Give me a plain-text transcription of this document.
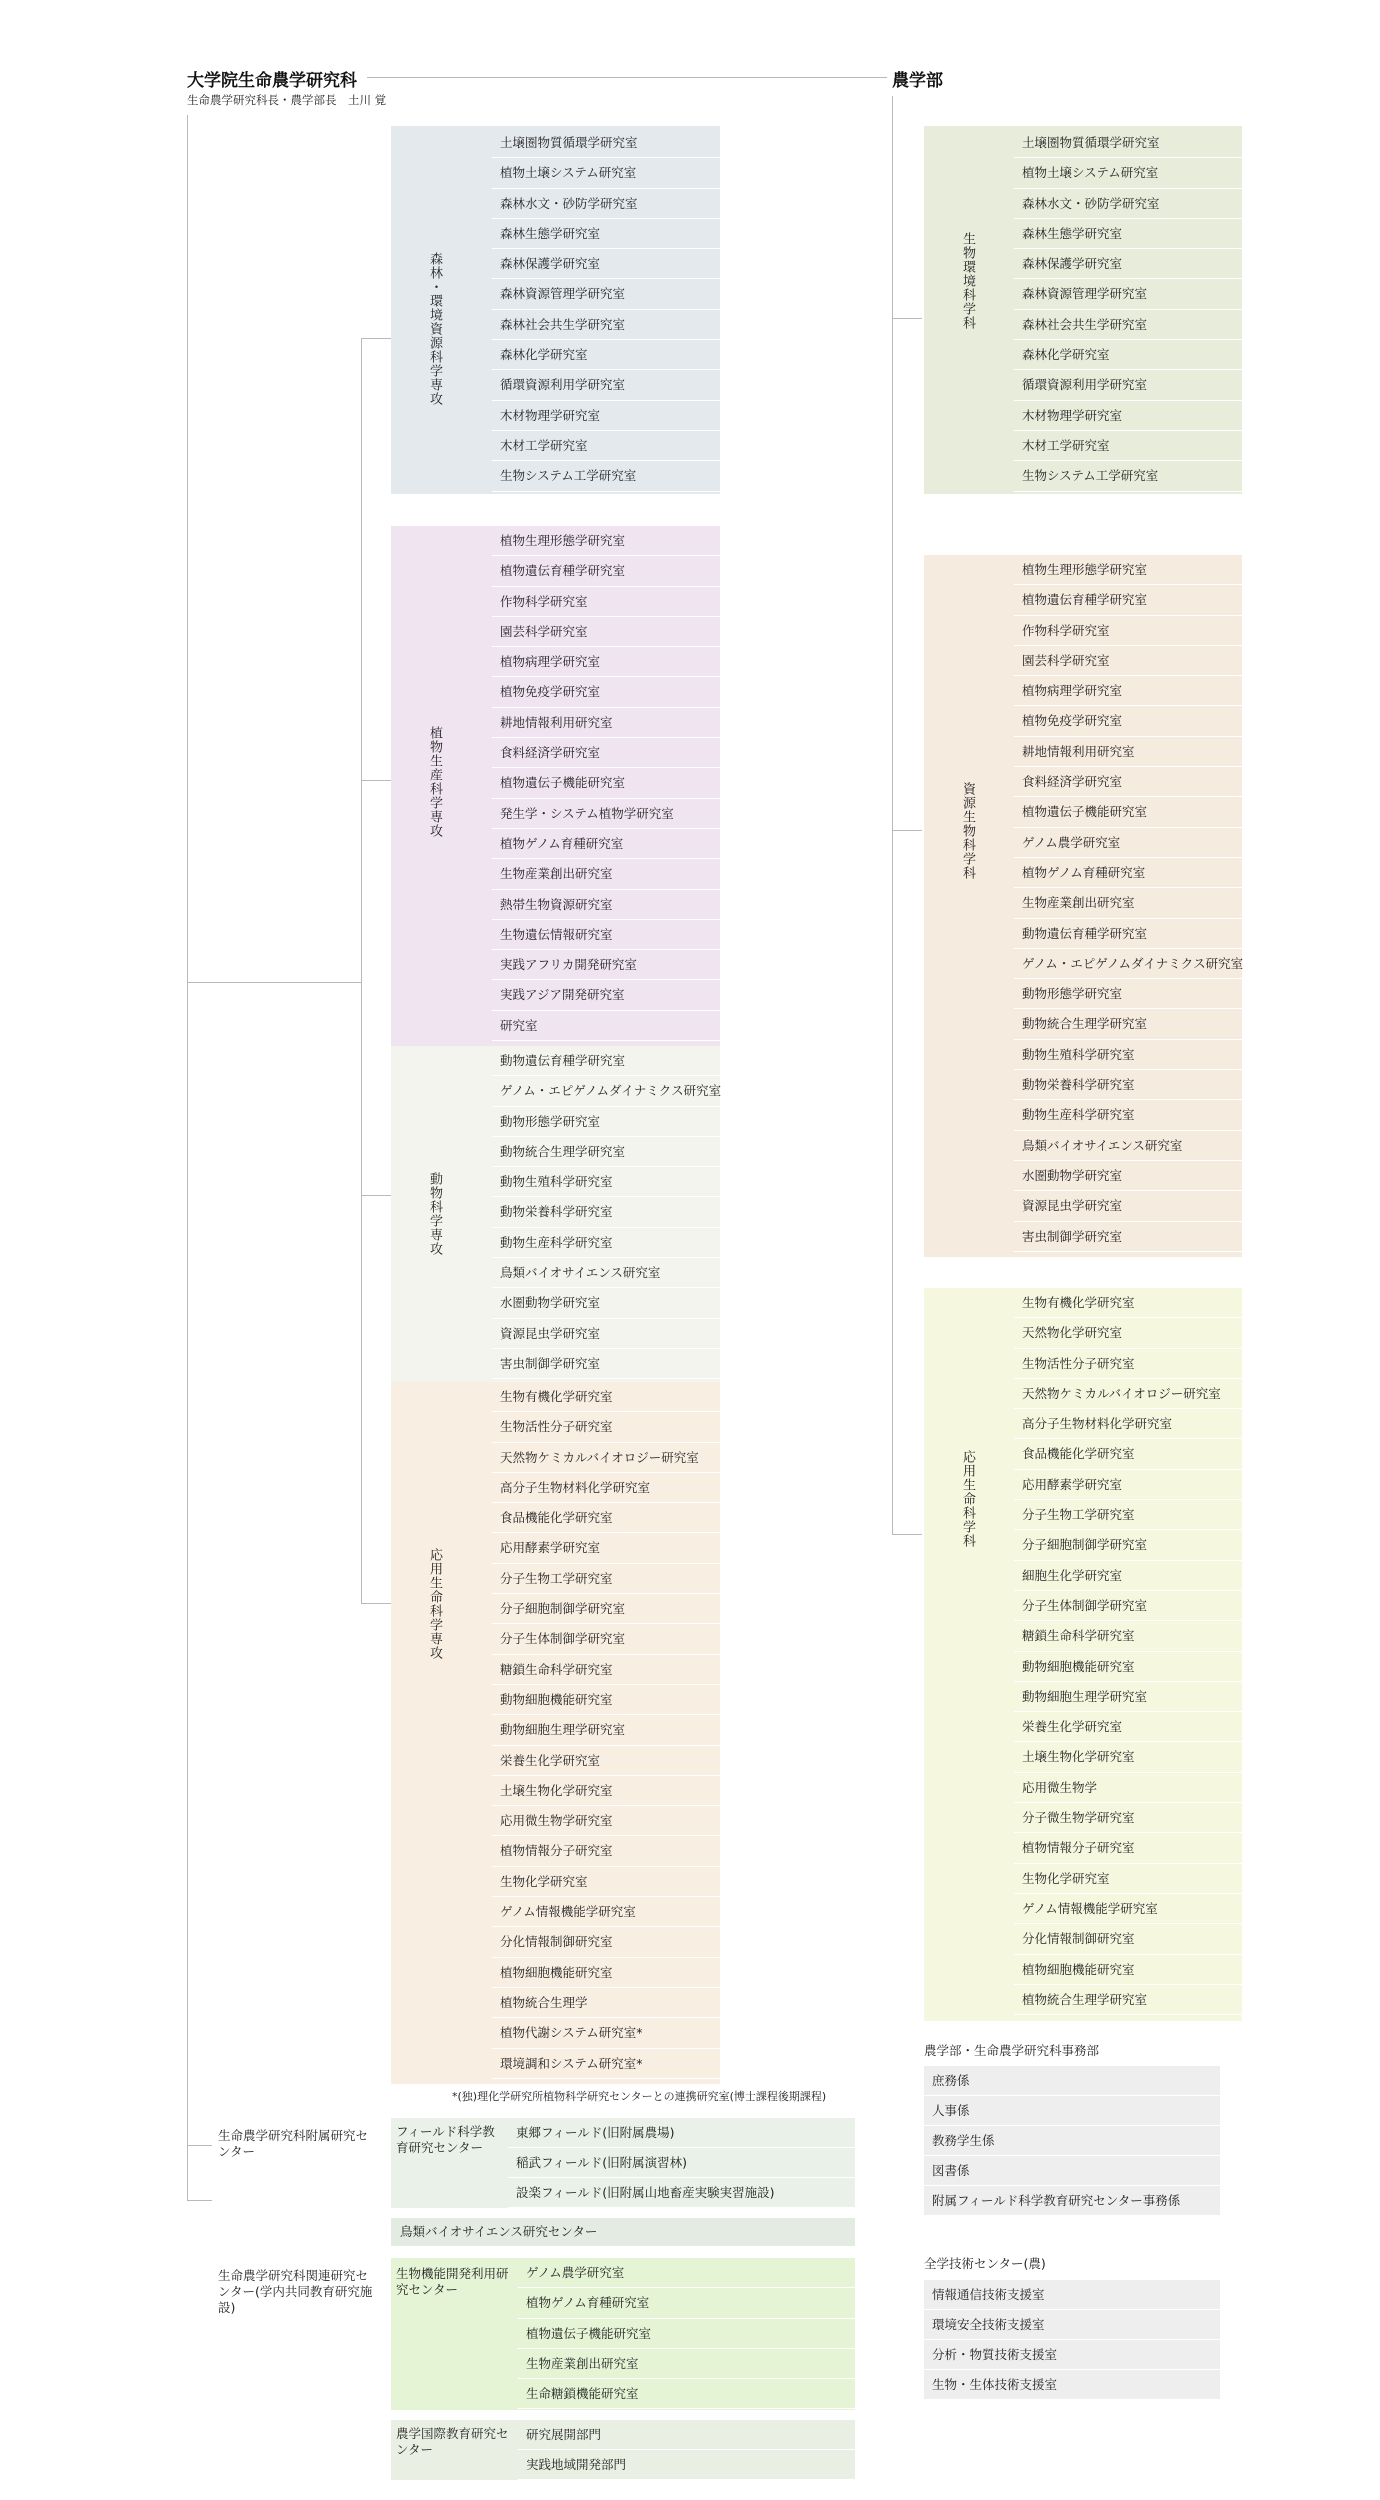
大学院生命農学研究科
生命農学研究科長・農学部長　土川 覚
農学部
森林・環境資源科学専攻
土壌圏物質循環学研究室
植物土壌システム研究室
森林水文・砂防学研究室
森林生態学研究室
森林保護学研究室
森林資源管理学研究室
森林社会共生学研究室
森林化学研究室
循環資源利用学研究室
木材物理学研究室
木材工学研究室
生物システム工学研究室
植物生産科学専攻
植物生理形態学研究室
植物遺伝育種学研究室
作物科学研究室
園芸科学研究室
植物病理学研究室
植物免疫学研究室
耕地情報利用研究室
食料経済学研究室
植物遺伝子機能研究室
発生学・システム植物学研究室
植物ゲノム育種研究室
生物産業創出研究室
熱帯生物資源研究室
生物遺伝情報研究室
実践アフリカ開発研究室
実践アジア開発研究室
研究室
動物科学専攻
動物遺伝育種学研究室
ゲノム・エピゲノムダイナミクス研究室
動物形態学研究室
動物統合生理学研究室
動物生殖科学研究室
動物栄養科学研究室
動物生産科学研究室
鳥類バイオサイエンス研究室
水圏動物学研究室
資源昆虫学研究室
害虫制御学研究室
応用生命科学専攻
生物有機化学研究室
生物活性分子研究室
天然物ケミカルバイオロジー研究室
高分子生物材料化学研究室
食品機能化学研究室
応用酵素学研究室
分子生物工学研究室
分子細胞制御学研究室
分子生体制御学研究室
糖鎖生命科学研究室
動物細胞機能研究室
動物細胞生理学研究室
栄養生化学研究室
土壌生物化学研究室
応用微生物学研究室
植物情報分子研究室
生物化学研究室
ゲノム情報機能学研究室
分化情報制御研究室
植物細胞機能研究室
植物統合生理学
植物代謝システム研究室*
環境調和システム研究室*
*(独)理化学研究所植物科学研究センターとの連携研究室(博士課程後期課程)
生物環境科学科
土壌圏物質循環学研究室
植物土壌システム研究室
森林水文・砂防学研究室
森林生態学研究室
森林保護学研究室
森林資源管理学研究室
森林社会共生学研究室
森林化学研究室
循環資源利用学研究室
木材物理学研究室
木材工学研究室
生物システム工学研究室
資源生物科学科
植物生理形態学研究室
植物遺伝育種学研究室
作物科学研究室
園芸科学研究室
植物病理学研究室
植物免疫学研究室
耕地情報利用研究室
食料経済学研究室
植物遺伝子機能研究室
ゲノム農学研究室
植物ゲノム育種研究室
生物産業創出研究室
動物遺伝育種学研究室
ゲノム・エピゲノムダイナミクス研究室
動物形態学研究室
動物統合生理学研究室
動物生殖科学研究室
動物栄養科学研究室
動物生産科学研究室
鳥類バイオサイエンス研究室
水圏動物学研究室
資源昆虫学研究室
害虫制御学研究室
応用生命科学科
生物有機化学研究室
天然物化学研究室
生物活性分子研究室
天然物ケミカルバイオロジー研究室
高分子生物材料化学研究室
食品機能化学研究室
応用酵素学研究室
分子生物工学研究室
分子細胞制御学研究室
細胞生化学研究室
分子生体制御学研究室
糖鎖生命科学研究室
動物細胞機能研究室
動物細胞生理学研究室
栄養生化学研究室
土壌生物化学研究室
応用微生物学
分子微生物学研究室
植物情報分子研究室
生物化学研究室
ゲノム情報機能学研究室
分化情報制御研究室
植物細胞機能研究室
植物統合生理学研究室
農学部・生命農学研究科事務部
庶務係
人事係
教務学生係
図書係
附属フィールド科学教育研究センター事務係
全学技術センター(農)
情報通信技術支援室
環境安全技術支援室
分析・物質技術支援室
生物・生体技術支援室
生命農学研究科附属研究センター
フィールド科学教育研究センター
東郷フィールド(旧附属農場)
稲武フィールド(旧附属演習林)
設楽フィールド(旧附属山地畜産実験実習施設)
鳥類バイオサイエンス研究センター
生命農学研究科関連研究センター(学内共同教育研究施設)
生物機能開発利用研究センター
ゲノム農学研究室
植物ゲノム育種研究室
植物遺伝子機能研究室
生物産業創出研究室
生命糖鎖機能研究室
農学国際教育研究センター
研究展開部門
実践地域開発部門
